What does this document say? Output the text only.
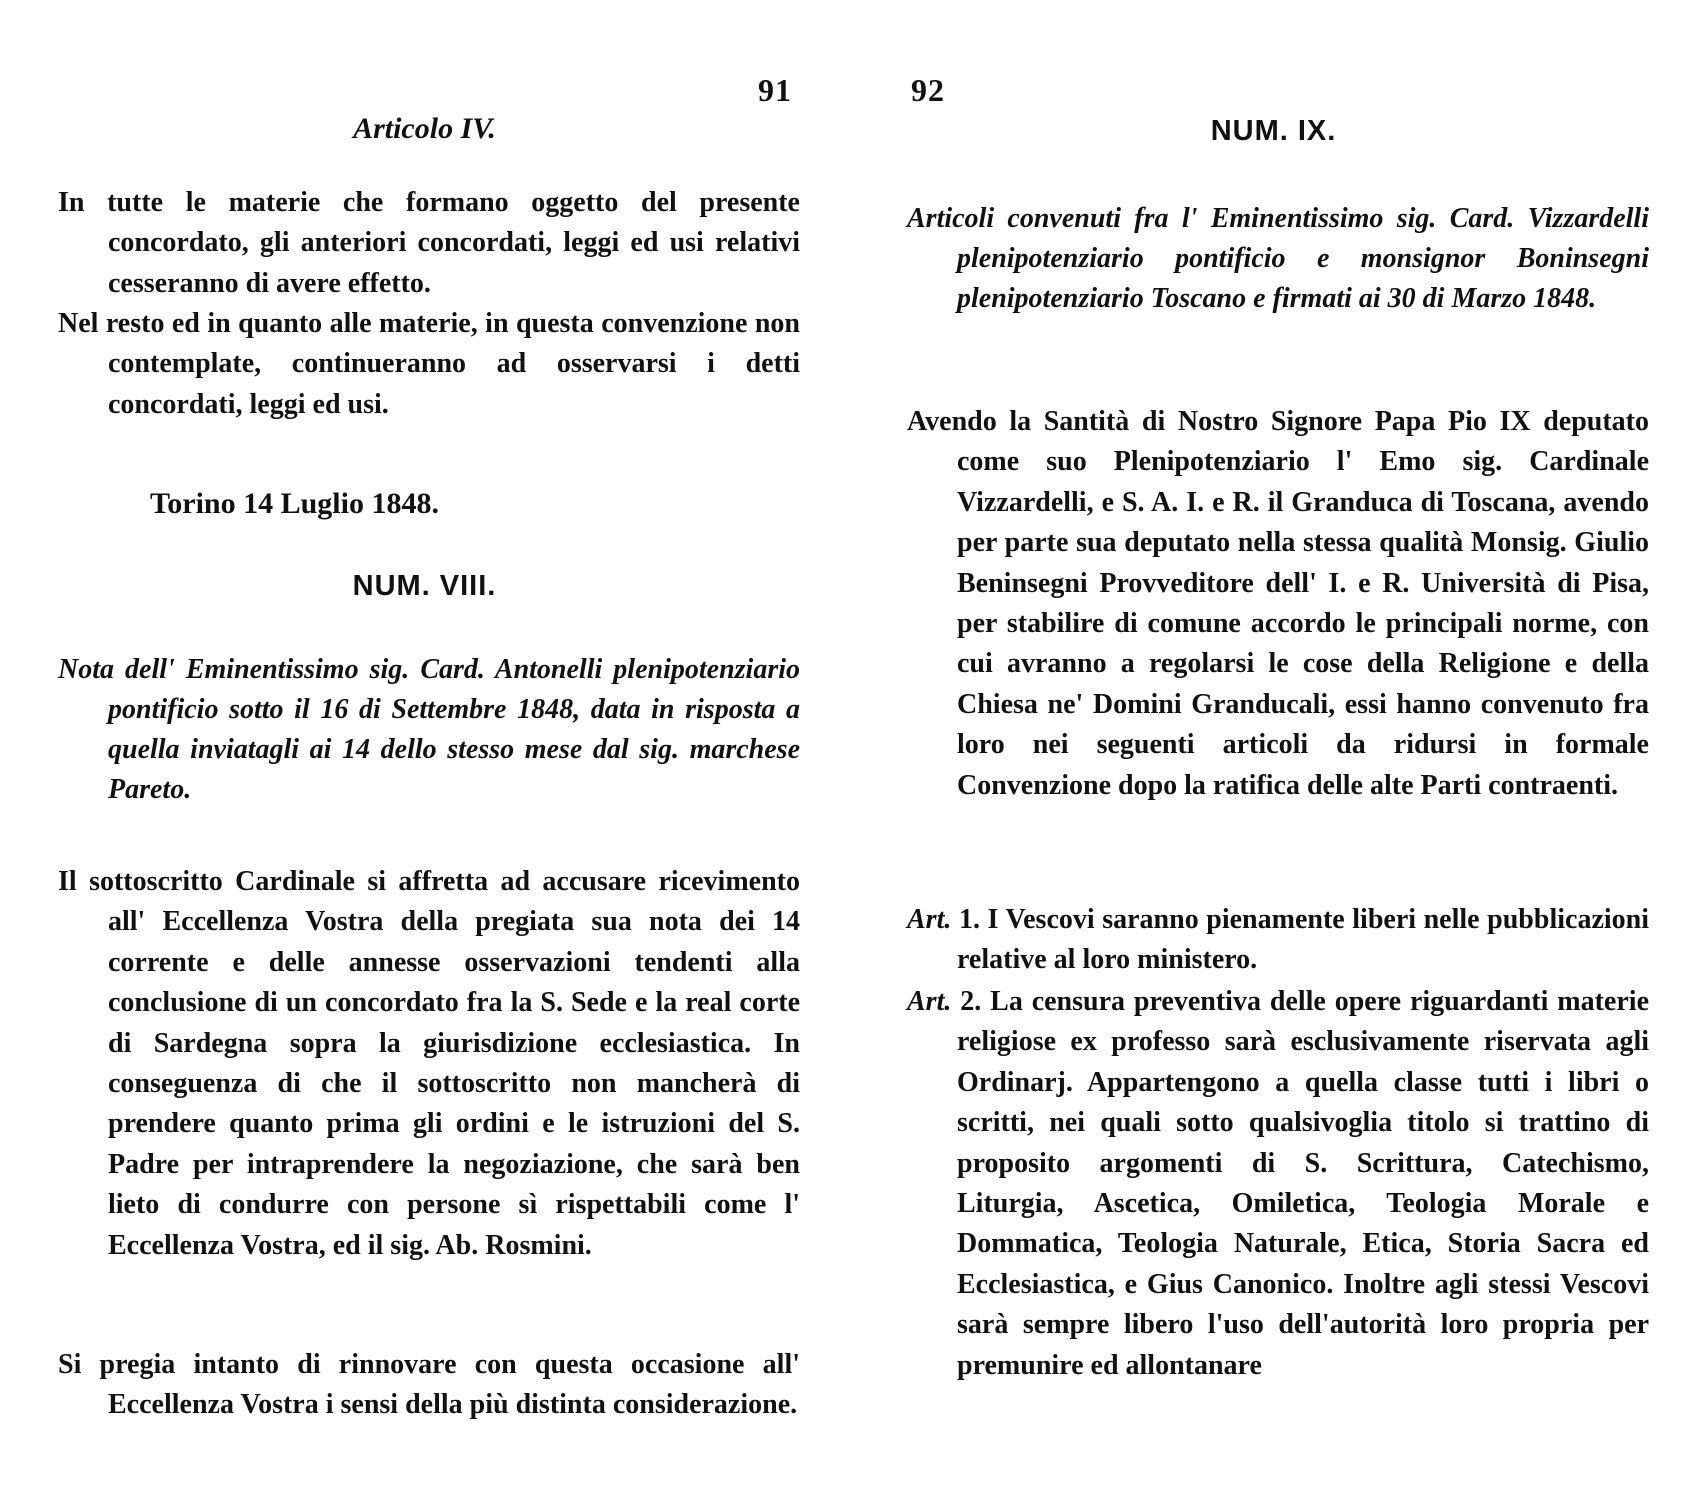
91
Articolo IV.
In tutte le materie che formano oggetto del presente concordato, gli anteriori concordati, leggi ed usi relativi cesseranno di avere effetto.
Nel resto ed in quanto alle materie, in questa convenzione non contemplate, continueranno ad osservarsi i detti concordati, leggi ed usi.
Torino 14 Luglio 1848.
NUM. VIII.
Nota dell' Eminentissimo sig. Card. Antonelli plenipotenziario pontificio sotto il 16 di Settembre 1848, data in risposta a quella inviatagli ai 14 dello stesso mese dal sig. marchese Pareto.
Il sottoscritto Cardinale si affretta ad accusare ricevimento all' Eccellenza Vostra della pregiata sua nota dei 14 corrente e delle annesse osservazioni tendenti alla conclusione di un concordato fra la S. Sede e la real corte di Sardegna sopra la giurisdizione ecclesiastica. In conseguenza di che il sottoscritto non mancherà di prendere quanto prima gli ordini e le istruzioni del S. Padre per intraprendere la negoziazione, che sarà ben lieto di condurre con persone sì rispettabili come l' Eccellenza Vostra, ed il sig. Ab. Rosmini.
Si pregia intanto di rinnovare con questa occasione all' Eccellenza Vostra i sensi della più distinta considerazione.
92
NUM. IX.
Articoli convenuti fra l' Eminentissimo sig. Card. Vizzardelli plenipotenziario pontificio e monsignor Boninsegni plenipotenziario Toscano e firmati ai 30 di Marzo 1848.
Avendo la Santità di Nostro Signore Papa Pio IX deputato come suo Plenipotenziario l' Emo sig. Cardinale Vizzardelli, e S. A. I. e R. il Granduca di Toscana, avendo per parte sua deputato nella stessa qualità Monsig. Giulio Beninsegni Provveditore dell' I. e R. Università di Pisa, per stabilire di comune accordo le principali norme, con cui avranno a regolarsi le cose della Religione e della Chiesa ne' Domini Granducali, essi hanno convenuto fra loro nei seguenti articoli da ridursi in formale Convenzione dopo la ratifica delle alte Parti contraenti.
Art. 1. I Vescovi saranno pienamente liberi nelle pubblicazioni relative al loro ministero.
Art. 2. La censura preventiva delle opere riguardanti materie religiose ex professo sarà esclusivamente riservata agli Ordinarj. Appartengono a quella classe tutti i libri o scritti, nei quali sotto qualsivoglia titolo si trattino di proposito argomenti di S. Scrittura, Catechismo, Liturgia, Ascetica, Omiletica, Teologia Morale e Dommatica, Teologia Naturale, Etica, Storia Sacra ed Ecclesiastica, e Gius Canonico. Inoltre agli stessi Vescovi sarà sempre libero l'uso dell'autorità loro propria per premunire ed allontanare
